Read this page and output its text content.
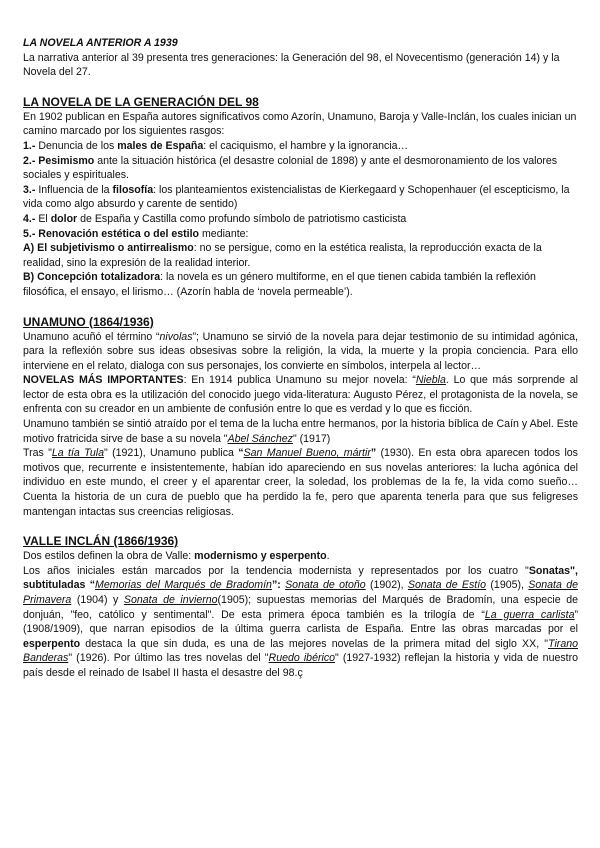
LA NOVELA ANTERIOR A 1939

La narrativa anterior al 39 presenta tres generaciones: la Generación del 98, el Novecentismo (generación 14) y la Novela del 27.

LA NOVELA DE LA GENERACIÓN DEL 98

En 1902 publican en España autores significativos como Azorín, Unamuno, Baroja y Valle-Inclán, los cuales inician un camino marcado por los siguientes rasgos:

1.- Denuncia de los males de España: el caciquismo, el hambre y la ignorancia…

2.- Pesimismo ante la situación histórica (el desastre colonial de 1898) y ante el desmoronamiento de los valores sociales y espirituales.

3.- Influencia de la filosofía: los planteamientos existencialistas de Kierkegaard y Schopenhauer (el escepticismo, la vida como algo absurdo y carente de sentido)

4.- El dolor de España y Castilla como profundo símbolo de patriotismo casticista

5.- Renovación estética o del estilo mediante:

A) El subjetivismo o antirrealismo: no se persigue, como en la estética realista, la reproducción exacta de la realidad, sino la expresión de la realidad interior.

B) Concepción totalizadora: la novela es un género multiforme, en el que tienen cabida también la reflexión filosófica, el ensayo, el lirismo… (Azorín habla de ‘novela permeable’).

UNAMUNO (1864/1936)

Unamuno acuñó el término “nivolas”; Unamuno se sirvió de la novela para dejar testimonio de su intimidad agónica, para la reflexión sobre sus ideas obsesivas sobre la religión, la vida, la muerte y la propia conciencia. Para ello interviene en el relato, dialoga con sus personajes, los convierte en símbolos, interpela al lector…

NOVELAS MÁS IMPORTANTES: En 1914 publica Unamuno su mejor novela: “Niebla. Lo que más sorprende al lector de esta obra es la utilización del conocido juego vida-literatura: Augusto Pérez, el protagonista de la novela, se enfrenta con su creador en un ambiente de confusión entre lo que es verdad y lo que es ficción.

Unamuno también se sintió atraído por el tema de la lucha entre hermanos, por la historia bíblica de Caín y Abel. Este motivo fratricida sirve de base a su novela "Abel Sánchez" (1917)

Tras "La tía Tula" (1921), Unamuno publica “San Manuel Bueno, mártir” (1930). En esta obra aparecen todos los motivos que, recurrente e insistentemente, habían ido apareciendo en sus novelas anteriores: la lucha agónica del individuo en este mundo, el creer y el aparentar creer, la soledad, los problemas de la fe, la vida como sueño… Cuenta la historia de un cura de pueblo que ha perdido la fe, pero que aparenta tenerla para que sus feligreses mantengan intactas sus creencias religiosas.

VALLE INCLÁN (1866/1936)

Dos estilos definen la obra de Valle: modernismo y esperpento.

Los años iniciales están marcados por la tendencia modernista y representados por los cuatro "Sonatas", subtituladas “Memorias del Marqués de Bradomín”: Sonata de otoño (1902), Sonata de Estío (1905), Sonata de Primavera (1904) y Sonata de invierno(1905); supuestas memorias del Marqués de Bradomín, una especie de donjuán, "feo, católico y sentimental". De esta primera época también es la trilogía de “La guerra carlista” (1908/1909), que narran episodios de la última guerra carlista de España. Entre las obras marcadas por el esperpento destaca la que sin duda, es una de las mejores novelas de la primera mitad del siglo XX, "Tirano Banderas" (1926). Por último las tres novelas del "Ruedo ibérico" (1927-1932) reflejan la historia y vida de nuestro país desde el reinado de Isabel II hasta el desastre del 98.ç
